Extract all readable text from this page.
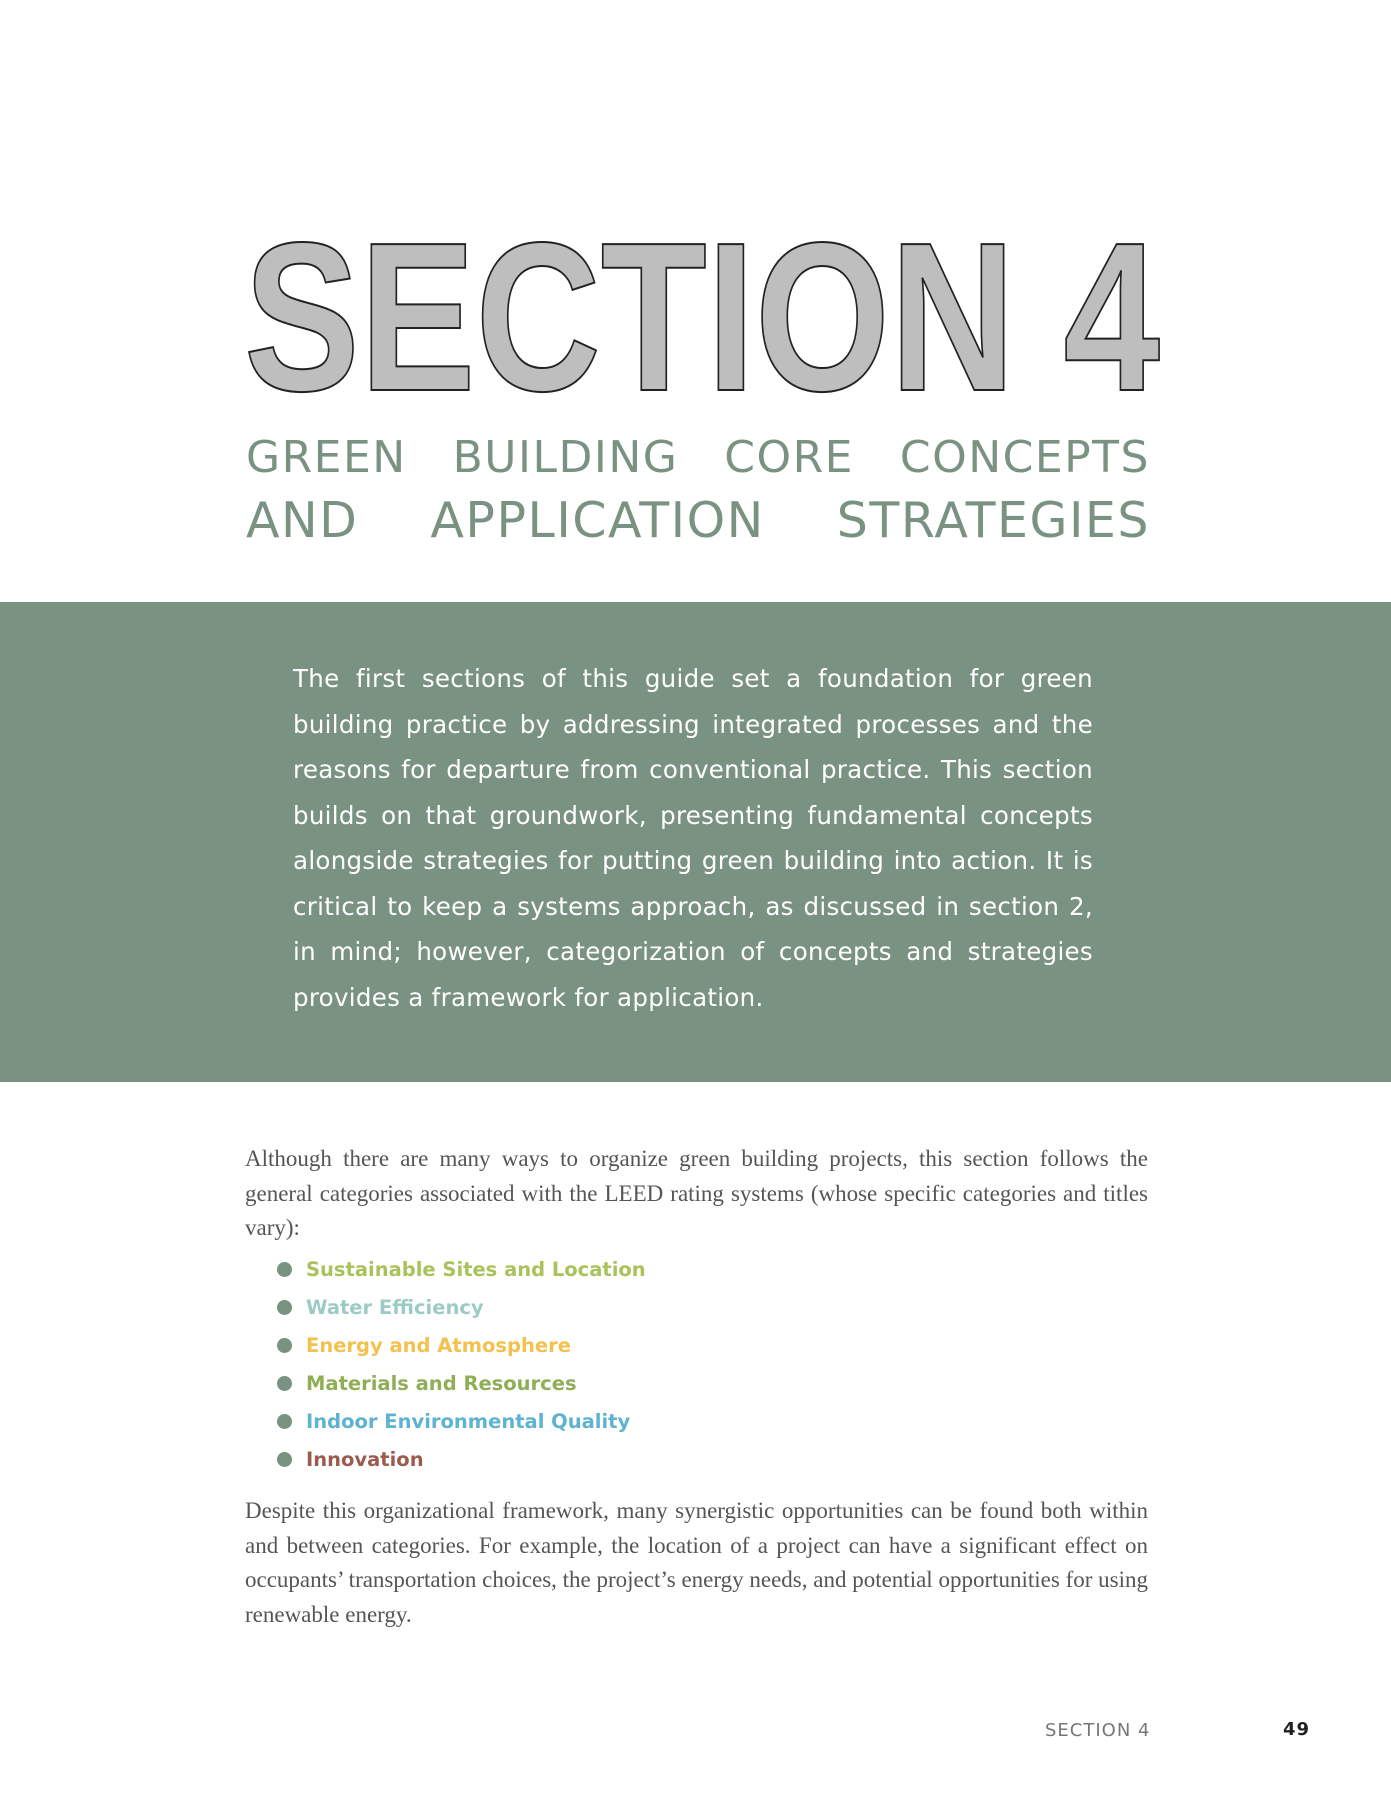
SECTION 4
GREEN BUILDING CORE CONCEPTS
AND APPLICATION STRATEGIES

The first sections of this guide set a foundation for green building practice by addressing integrated processes and the reasons for departure from conventional practice. This section builds on that groundwork, presenting fundamental concepts alongside strategies for putting green building into action. It is critical to keep a systems approach, as discussed in section 2, in mind; however, categorization of concepts and strategies provides a framework for application.

Although there are many ways to organize green building projects, this section follows the general categories associated with the LEED rating systems (whose specific categories and titles vary):

Sustainable Sites and Location
Water Efficiency
Energy and Atmosphere
Materials and Resources
Indoor Environmental Quality
Innovation

Despite this organizational framework, many synergistic opportunities can be found both within and between categories. For example, the location of a project can have a significant effect on occupants’ transportation choices, the project’s energy needs, and potential opportunities for using renewable energy.

SECTION 4	49
